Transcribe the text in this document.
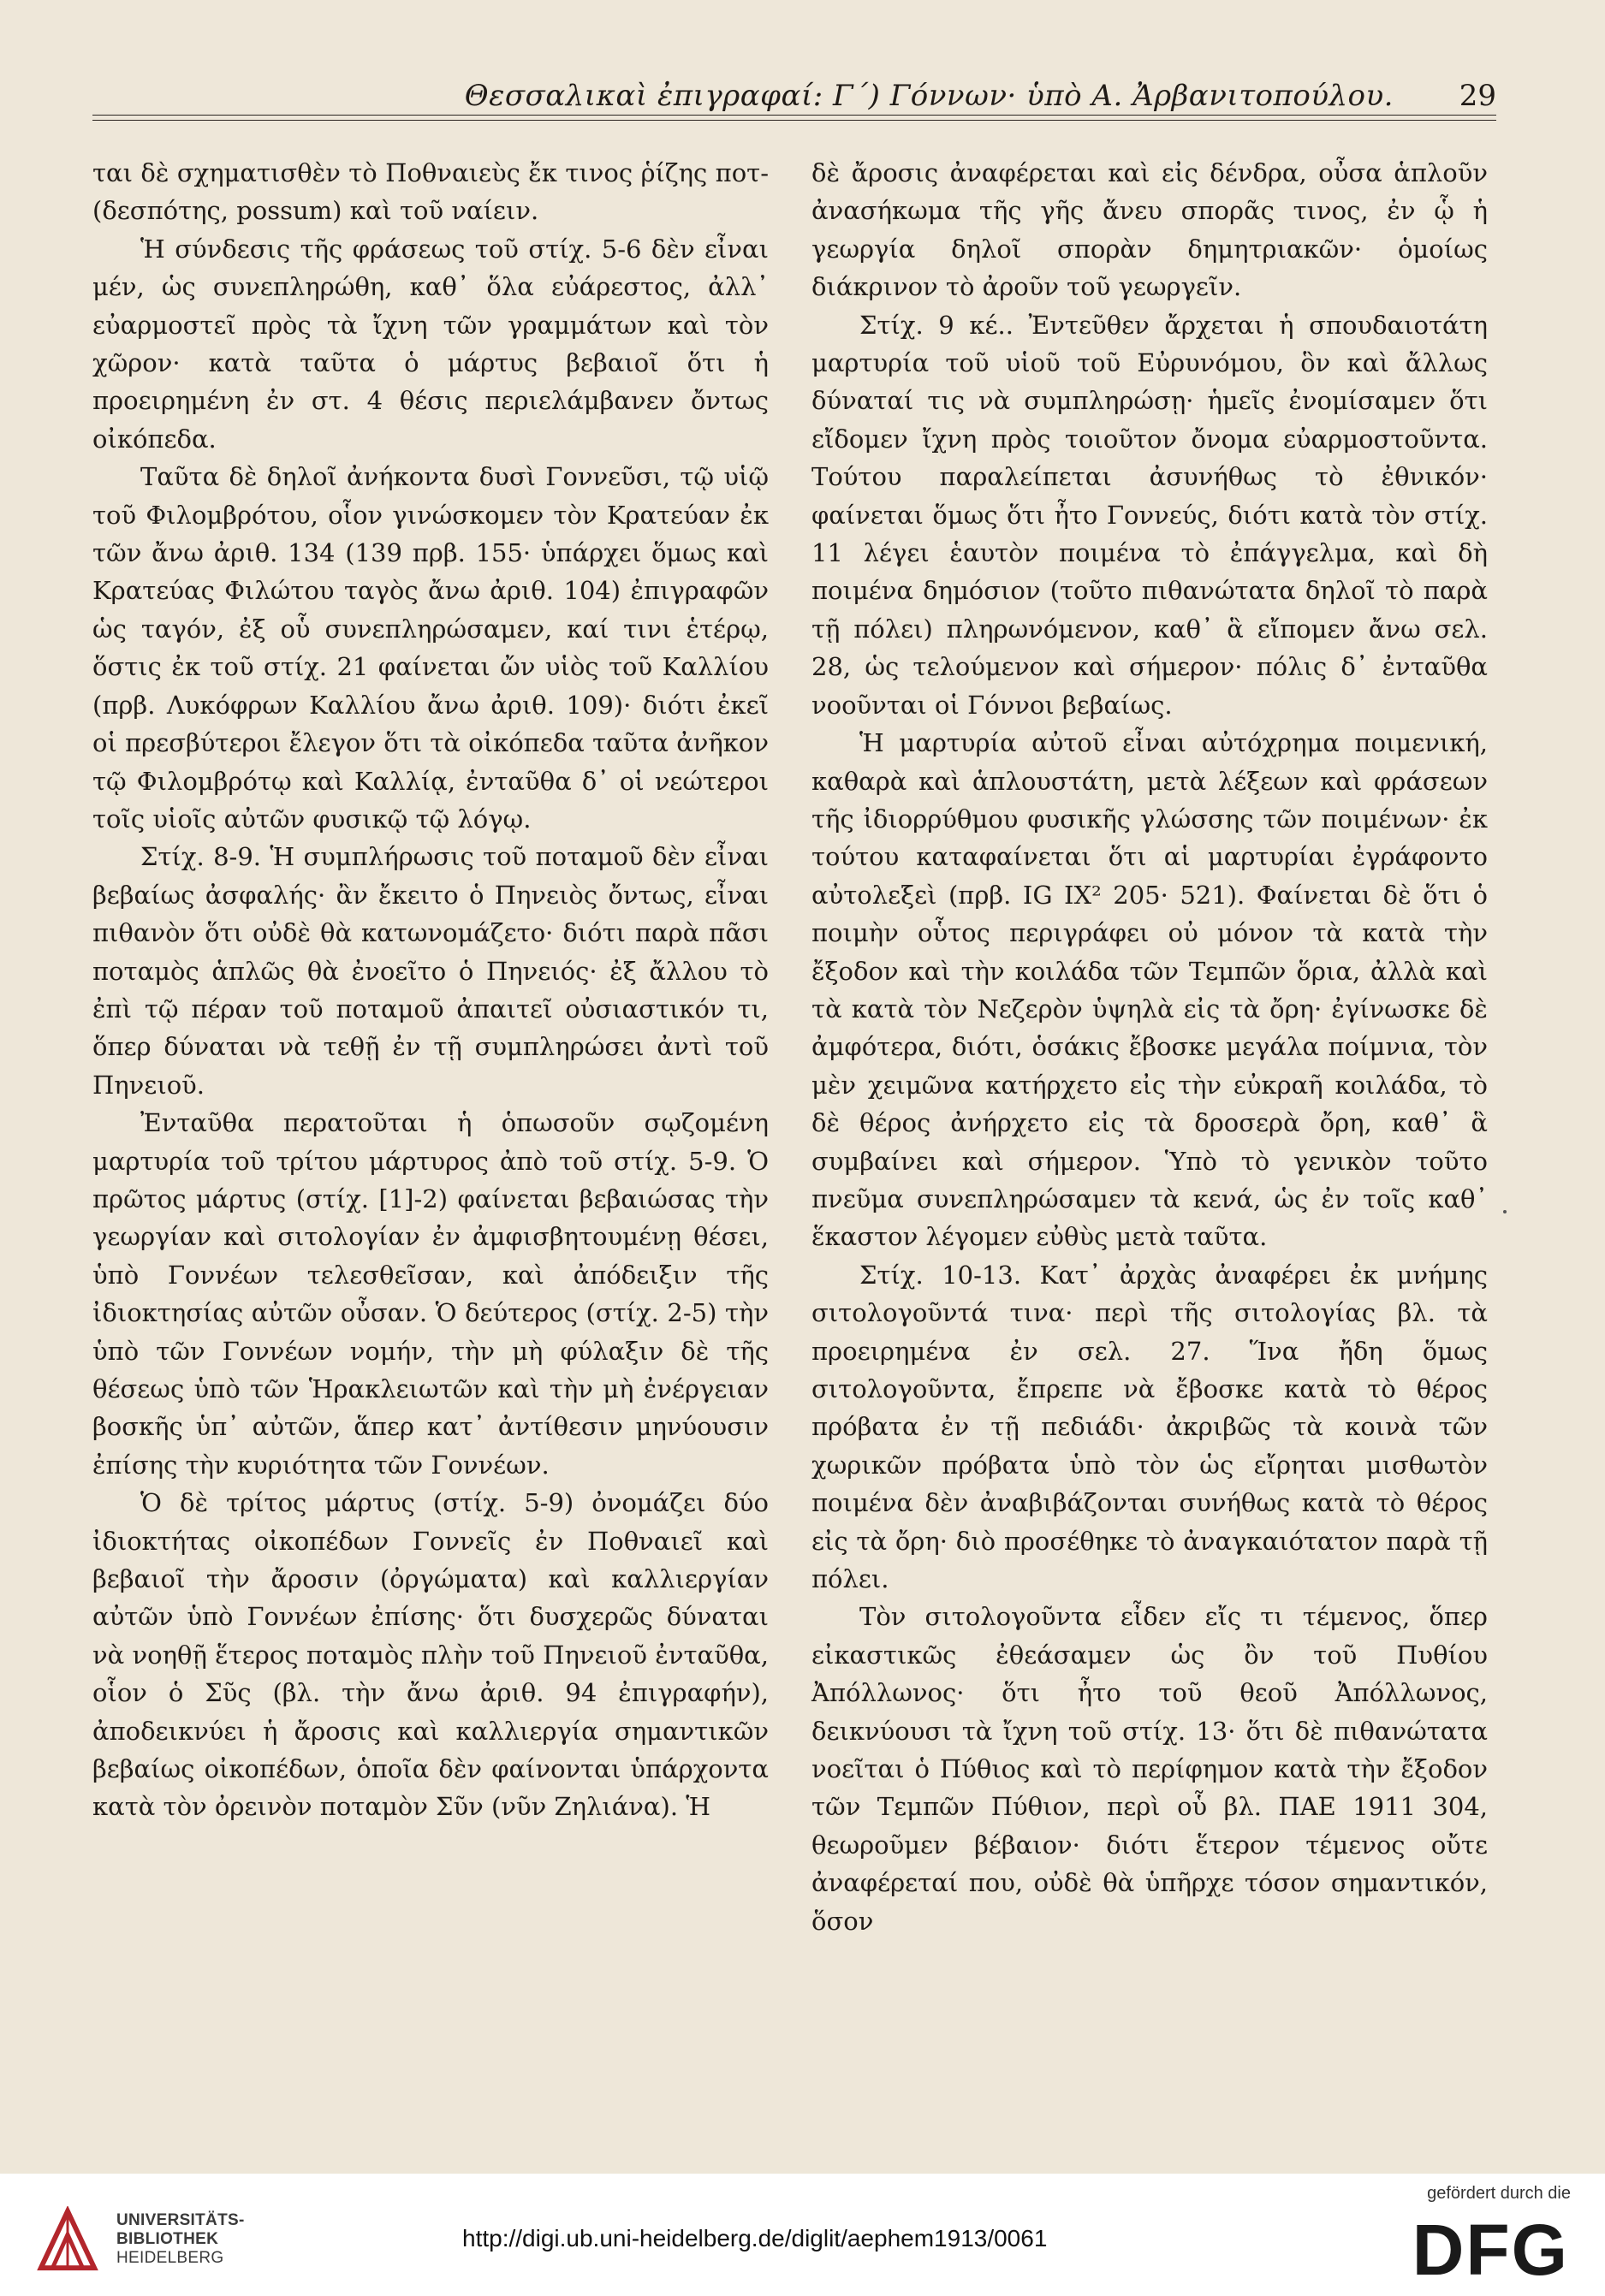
Θεσσαλικαὶ ἐπιγραφαί: Γ΄) Γόννων· ὑπὸ Α. Ἀρβανιτοπούλου. 29

ται δὲ σχηματισθὲν τὸ Ποθναιεὺς ἔκ τινος ῥίζης ποτ- (δεσπότης, possum) καὶ τοῦ ναίειν.

Ἡ σύνδεσις τῆς φράσεως τοῦ στίχ. 5-6 δὲν εἶναι μέν, ὡς συνεπληρώθη, καθ᾽ ὅλα εὐάρεστος, ἀλλ᾽ εὐαρμοστεῖ πρὸς τὰ ἴχνη τῶν γραμμάτων καὶ τὸν χῶρον· κατὰ ταῦτα ὁ μάρτυς βεβαιοῖ ὅτι ἡ προειρημένη ἐν στ. 4 θέσις περιελάμβανεν ὄντως οἰκόπεδα.

Ταῦτα δὲ δηλοῖ ἀνήκοντα δυσὶ Γοννεῦσι, τῷ υἱῷ τοῦ Φιλομβρότου, οἷον γινώσκομεν τὸν Κρατεύαν ἐκ τῶν ἄνω ἀριθ. 134 (139 πρβ. 155· ὑπάρχει ὅμως καὶ Κρατεύας Φιλώτου ταγὸς ἄνω ἀριθ. 104) ἐπιγραφῶν ὡς ταγόν, ἐξ οὗ συνεπληρώσαμεν, καί τινι ἑτέρῳ, ὅστις ἐκ τοῦ στίχ. 21 φαίνεται ὤν υἱὸς τοῦ Καλλίου (πρβ. Λυκόφρων Καλλίου ἄνω ἀριθ. 109)· διότι ἐκεῖ οἱ πρεσβύτεροι ἔλεγον ὅτι τὰ οἰκόπεδα ταῦτα ἀνῆκον τῷ Φιλομβρότῳ καὶ Καλλίᾳ, ἐνταῦθα δ᾽ οἱ νεώτεροι τοῖς υἱοῖς αὐτῶν φυσικῷ τῷ λόγῳ.

Στίχ. 8-9. Ἡ συμπλήρωσις τοῦ ποταμοῦ δὲν εἶναι βεβαίως ἀσφαλής· ἂν ἔκειτο ὁ Πηνειὸς ὄντως, εἶναι πιθανὸν ὅτι οὐδὲ θὰ κατωνομάζετο· διότι παρὰ πᾶσι ποταμὸς ἁπλῶς θὰ ἐνοεῖτο ὁ Πηνειός· ἐξ ἄλλου τὸ ἐπὶ τῷ πέραν τοῦ ποταμοῦ ἀπαιτεῖ οὐσιαστικόν τι, ὅπερ δύναται νὰ τεθῇ ἐν τῇ συμπληρώσει ἀντὶ τοῦ Πηνειοῦ.

Ἐνταῦθα περατοῦται ἡ ὁπωσοῦν σῳζομένη μαρτυρία τοῦ τρίτου μάρτυρος ἀπὸ τοῦ στίχ. 5-9. Ὁ πρῶτος μάρτυς (στίχ. [1]-2) φαίνεται βεβαιώσας τὴν γεωργίαν καὶ σιτολογίαν ἐν ἀμφισβητουμένῃ θέσει, ὑπὸ Γοννέων τελεσθεῖσαν, καὶ ἀπόδειξιν τῆς ἰδιοκτησίας αὐτῶν οὖσαν. Ὁ δεύτερος (στίχ. 2-5) τὴν ὑπὸ τῶν Γοννέων νομήν, τὴν μὴ φύλαξιν δὲ τῆς θέσεως ὑπὸ τῶν Ἡρακλειωτῶν καὶ τὴν μὴ ἐνέργειαν βοσκῆς ὑπ᾽ αὐτῶν, ἅπερ κατ᾽ ἀντίθεσιν μηνύουσιν ἐπίσης τὴν κυριότητα τῶν Γοννέων.

Ὁ δὲ τρίτος μάρτυς (στίχ. 5-9) ὀνομάζει δύο ἰδιοκτήτας οἰκοπέδων Γοννεῖς ἐν Ποθναιεῖ καὶ βεβαιοῖ τὴν ἄροσιν (ὀργώματα) καὶ καλλιεργίαν αὐτῶν ὑπὸ Γοννέων ἐπίσης· ὅτι δυσχερῶς δύναται νὰ νοηθῇ ἕτερος ποταμὸς πλὴν τοῦ Πηνειοῦ ἐνταῦθα, οἷον ὁ Σῦς (βλ. τὴν ἄνω ἀριθ. 94 ἐπιγραφήν), ἀποδεικνύει ἡ ἄροσις καὶ καλλιεργία σημαντικῶν βεβαίως οἰκοπέδων, ὁποῖα δὲν φαίνονται ὑπάρχοντα κατὰ τὸν ὀρεινὸν ποταμὸν Σῦν (νῦν Ζηλιάνα). Ἡ

δὲ ἄροσις ἀναφέρεται καὶ εἰς δένδρα, οὖσα ἁπλοῦν ἀνασήκωμα τῆς γῆς ἄνευ σπορᾶς τινος, ἐν ᾧ ἡ γεωργία δηλοῖ σπορὰν δημητριακῶν· ὁμοίως διάκρινον τὸ ἀροῦν τοῦ γεωργεῖν.

Στίχ. 9 κέ.. Ἐντεῦθεν ἄρχεται ἡ σπουδαιοτάτη μαρτυρία τοῦ υἱοῦ τοῦ Εὐρυνόμου, ὃν καὶ ἄλλως δύναταί τις νὰ συμπληρώσῃ· ἡμεῖς ἐνομίσαμεν ὅτι εἴδομεν ἴχνη πρὸς τοιοῦτον ὄνομα εὐαρμοστοῦντα. Τούτου παραλείπεται ἀσυνήθως τὸ ἐθνικόν· φαίνεται ὅμως ὅτι ἦτο Γοννεύς, διότι κατὰ τὸν στίχ. 11 λέγει ἑαυτὸν ποιμένα τὸ ἐπάγγελμα, καὶ δὴ ποιμένα δημόσιον (τοῦτο πιθανώτατα δηλοῖ τὸ παρὰ τῇ πόλει) πληρωνόμενον, καθ᾽ ἃ εἴπομεν ἄνω σελ. 28, ὡς τελούμενον καὶ σήμερον· πόλις δ᾽ ἐνταῦθα νοοῦνται οἱ Γόννοι βεβαίως.

Ἡ μαρτυρία αὐτοῦ εἶναι αὐτόχρημα ποιμενική, καθαρὰ καὶ ἁπλουστάτη, μετὰ λέξεων καὶ φράσεων τῆς ἰδιορρύθμου φυσικῆς γλώσσης τῶν ποιμένων· ἐκ τούτου καταφαίνεται ὅτι αἱ μαρτυρίαι ἐγράφοντο αὐτολεξεὶ (πρβ. IG IX² 205· 521). Φαίνεται δὲ ὅτι ὁ ποιμὴν οὗτος περιγράφει οὐ μόνον τὰ κατὰ τὴν ἔξοδον καὶ τὴν κοιλάδα τῶν Τεμπῶν ὅρια, ἀλλὰ καὶ τὰ κατὰ τὸν Νεζερὸν ὑψηλὰ εἰς τὰ ὄρη· ἐγίνωσκε δὲ ἀμφότερα, διότι, ὁσάκις ἔβοσκε μεγάλα ποίμνια, τὸν μὲν χειμῶνα κατήρχετο εἰς τὴν εὐκραῆ κοιλάδα, τὸ δὲ θέρος ἀνήρχετο εἰς τὰ δροσερὰ ὄρη, καθ᾽ ἃ συμβαίνει καὶ σήμερον. Ὑπὸ τὸ γενικὸν τοῦτο πνεῦμα συνεπληρώσαμεν τὰ κενά, ὡς ἐν τοῖς καθ᾽ ἕκαστον λέγομεν εὐθὺς μετὰ ταῦτα.

Στίχ. 10-13. Κατ᾽ ἀρχὰς ἀναφέρει ἐκ μνήμης σιτολογοῦντά τινα· περὶ τῆς σιτολογίας βλ. τὰ προειρημένα ἐν σελ. 27. Ἵνα ἤδη ὅμως σιτολογοῦντα, ἔπρεπε νὰ ἔβοσκε κατὰ τὸ θέρος πρόβατα ἐν τῇ πεδιάδι· ἀκριβῶς τὰ κοινὰ τῶν χωρικῶν πρόβατα ὑπὸ τὸν ὡς εἴρηται μισθωτὸν ποιμένα δὲν ἀναβιβάζονται συνήθως κατὰ τὸ θέρος εἰς τὰ ὄρη· διὸ προσέθηκε τὸ ἀναγκαιότατον παρὰ τῇ πόλει.

Τὸν σιτολογοῦντα εἶδεν εἴς τι τέμενος, ὅπερ εἰκαστικῶς ἐθεάσαμεν ὡς ὂν τοῦ Πυθίου Ἀπόλλωνος· ὅτι ἦτο τοῦ θεοῦ Ἀπόλλωνος, δεικνύουσι τὰ ἴχνη τοῦ στίχ. 13· ὅτι δὲ πιθανώτατα νοεῖται ὁ Πύθιος καὶ τὸ περίφημον κατὰ τὴν ἔξοδον τῶν Τεμπῶν Πύθιον, περὶ οὗ βλ. ΠΑΕ 1911 304, θεωροῦμεν βέβαιον· διότι ἕτερον τέμενος οὔτε ἀναφέρεταί που, οὐδὲ θὰ ὑπῆρχε τόσον σημαντικόν, ὅσον

UNIVERSITÄTS-
BIBLIOTHEK
HEIDELBERG
http://digi.ub.uni-heidelberg.de/diglit/aephem1913/0061
gefördert durch die
DFG
